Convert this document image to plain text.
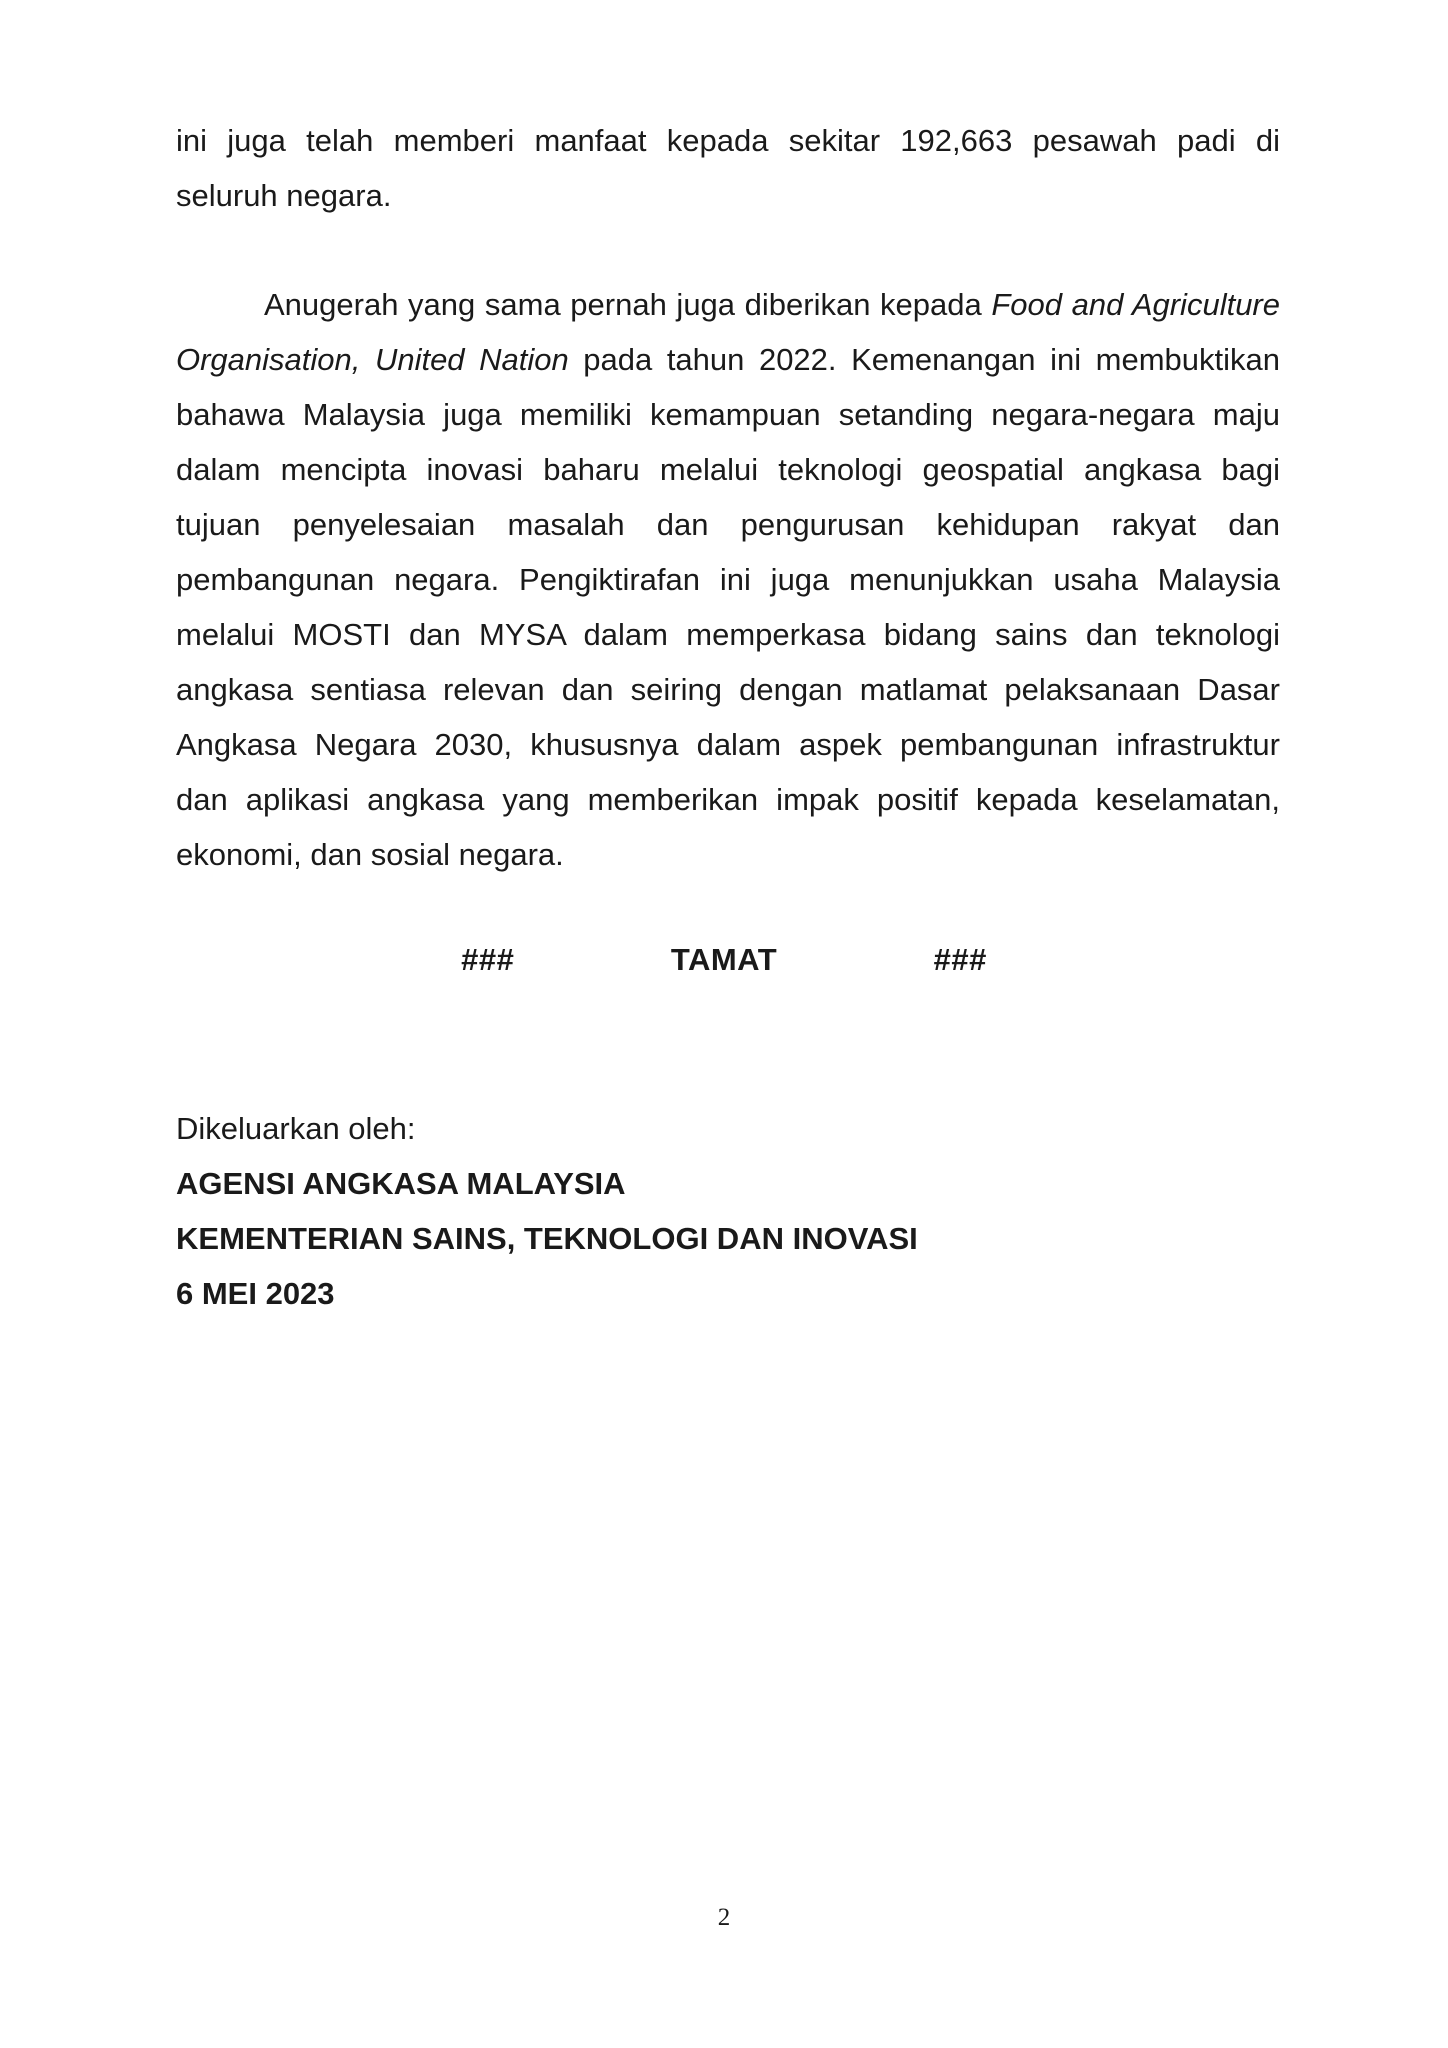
ini juga telah memberi manfaat kepada sekitar 192,663 pesawah padi di
seluruh negara.
Anugerah yang sama pernah juga diberikan kepada Food and Agriculture
Organisation, United Nation pada tahun 2022. Kemenangan ini membuktikan
bahawa Malaysia juga memiliki kemampuan setanding negara-negara maju
dalam mencipta inovasi baharu melalui teknologi geospatial angkasa bagi
tujuan penyelesaian masalah dan pengurusan kehidupan rakyat dan
pembangunan negara. Pengiktirafan ini juga menunjukkan usaha Malaysia
melalui MOSTI dan MYSA dalam memperkasa bidang sains dan teknologi
angkasa sentiasa relevan dan seiring dengan matlamat pelaksanaan Dasar
Angkasa Negara 2030, khususnya dalam aspek pembangunan infrastruktur
dan aplikasi angkasa yang memberikan impak positif kepada keselamatan,
ekonomi, dan sosial negara.
###    TAMAT    ###
Dikeluarkan oleh:
AGENSI ANGKASA MALAYSIA
KEMENTERIAN SAINS, TEKNOLOGI DAN INOVASI
6 MEI 2023
2
